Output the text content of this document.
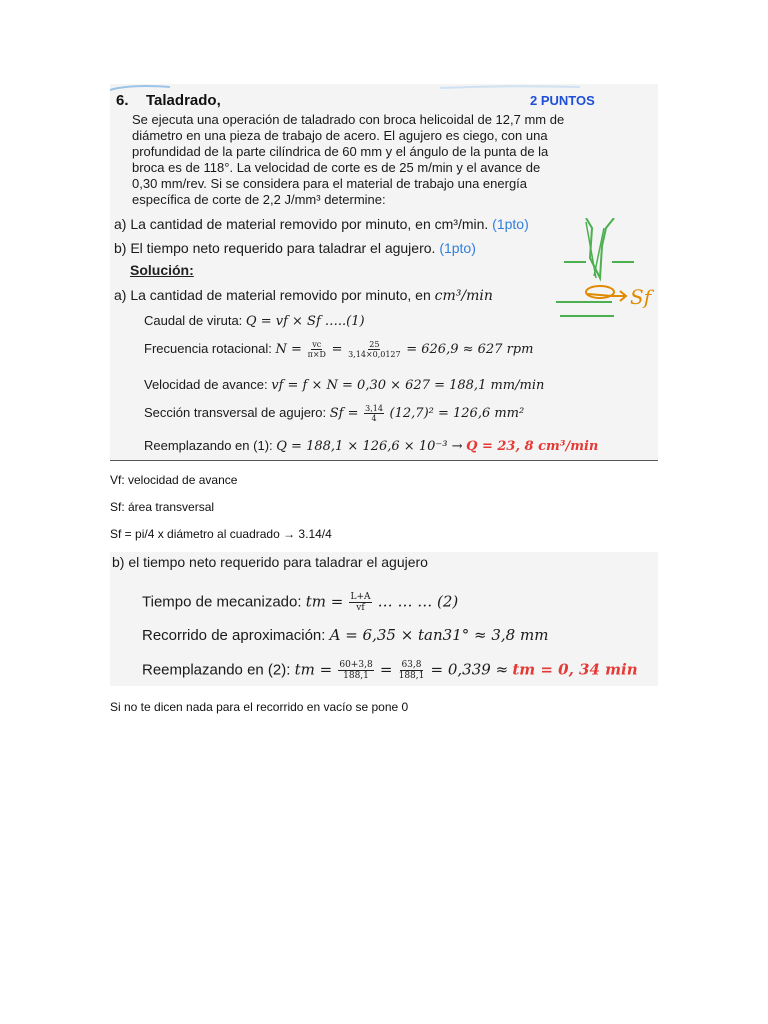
6. Taladrado,	2 PUNTOS
Se ejecuta una operación de taladrado con broca helicoidal de 12,7 mm de
diámetro en una pieza de trabajo de acero. El agujero es ciego, con una
profundidad de la parte cilíndrica de 60 mm y el ángulo de la punta de la
broca es de 118°. La velocidad de corte es de 25 m/min y el avance de
0,30 mm/rev. Si se considera para el material de trabajo una energía
específica de corte de 2,2 J/mm³ determine:
a) La cantidad de material removido por minuto, en cm³/min. (1pto)
b) El tiempo neto requerido para taladrar el agujero. (1pto)
Solución:
a) La cantidad de material removido por minuto, en cm³/min	Sf
Caudal de viruta: Q = vf × Sf …..(1)
Frecuencia rotacional: $N = \frac{vc}{\pi\times D} = \frac{25}{3,14\times 0,0127} = 626,9 \approx 627$ rpm
Velocidad de avance: vf = f × N = 0,30 × 627 = 188,1 mm/min
Sección transversal de agujero: $Sf = \frac{3,14}{4} (12,7)^2 = 126,6$ mm²
Reemplazando en (1): Q = 188,1 × 126,6 × 10⁻³ → Q = 23, 8 cm³/min
Vf: velocidad de avance
Sf: área transversal
Sf = pi/4 x diámetro al cuadrado → 3.14/4
b) el tiempo neto requerido para taladrar el agujero
Tiempo de mecanizado: tm = $\frac{L+A}{vf}$ … … … (2)
Recorrido de aproximación: A = 6,35 × tan31° ≈ 3,8 mm
Reemplazando en (2): tm = $\frac{60+3,8}{188,1} = \frac{63,8}{188,1} = 0,339$ ≈ tm = 0, 34 min
Si no te dicen nada para el recorrido en vacío se pone 0
